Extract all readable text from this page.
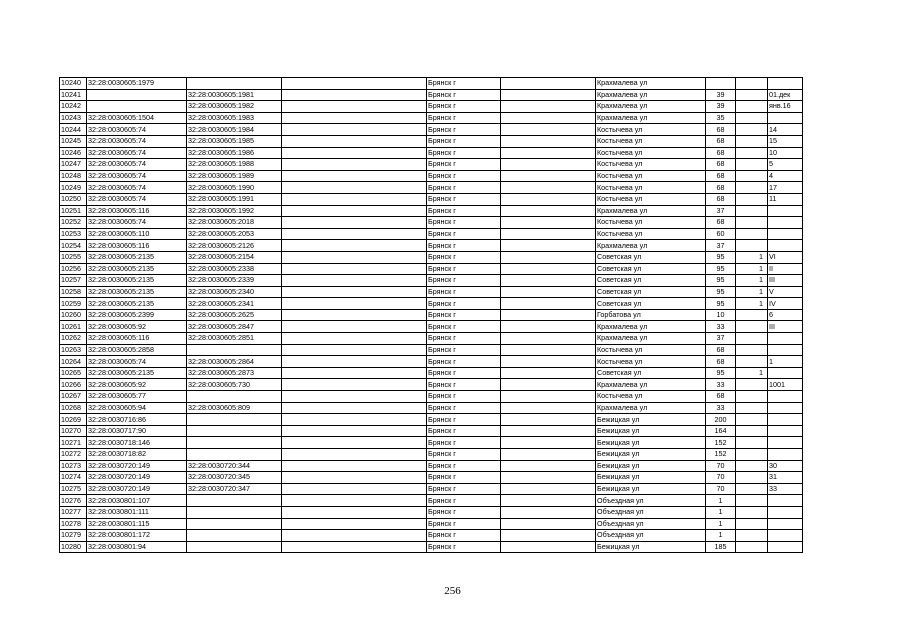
10240	32:28:0030605:1979			Брянск г		Крахмалева ул			
10241		32:28:0030605:1981		Брянск г		Крахмалева ул	39		01.дек
10242		32:28:0030605:1982		Брянск г		Крахмалева ул	39		янв.16
10243	32:28:0030605:1504	32:28:0030605:1983		Брянск г		Крахмалева ул	35		
10244	32:28:0030605:74	32:28:0030605:1984		Брянск г		Костычева ул	68		14
10245	32:28:0030605:74	32:28:0030605:1985		Брянск г		Костычева ул	68		15
10246	32:28:0030605:74	32:28:0030605:1986		Брянск г		Костычева ул	68		10
10247	32:28:0030605:74	32:28:0030605:1988		Брянск г		Костычева ул	68		5
10248	32:28:0030605:74	32:28:0030605:1989		Брянск г		Костычева ул	68		4
10249	32:28:0030605:74	32:28:0030605:1990		Брянск г		Костычева ул	68		17
10250	32:28:0030605:74	32:28:0030605:1991		Брянск г		Костычева ул	68		11
10251	32:28:0030605:116	32:28:0030605:1992		Брянск г		Крахмалева ул	37		
10252	32:28:0030605:74	32:28:0030605:2018		Брянск г		Костычева ул	68		
10253	32:28:0030605:110	32:28:0030605:2053		Брянск г		Костычева ул	60		
10254	32:28:0030605:116	32:28:0030605:2126		Брянск г		Крахмалева ул	37		
10255	32:28:0030605:2135	32:28:0030605:2154		Брянск г		Советская ул	95	1	VI
10256	32:28:0030605:2135	32:28:0030605:2338		Брянск г		Советская ул	95	1	II
10257	32:28:0030605:2135	32:28:0030605:2339		Брянск г		Советская ул	95	1	III
10258	32:28:0030605:2135	32:28:0030605:2340		Брянск г		Советская ул	95	1	V
10259	32:28:0030605:2135	32:28:0030605:2341		Брянск г		Советская ул	95	1	IV
10260	32:28:0030605:2399	32:28:0030605:2625		Брянск г		Горбатова ул	10		6
10261	32:28:0030605:92	32:28:0030605:2847		Брянск г		Крахмалева ул	33		III
10262	32:28:0030605:116	32:28:0030605:2851		Брянск г		Крахмалева ул	37		
10263	32:28:0030605:2858			Брянск г		Костычева ул	68		
10264	32:28:0030605:74	32:28:0030605:2864		Брянск г		Костычева ул	68		1
10265	32:28:0030605:2135	32:28:0030605:2873		Брянск г		Советская ул	95	1	
10266	32:28:0030605:92	32:28:0030605:730		Брянск г		Крахмалева ул	33		1001
10267	32:28:0030605:77			Брянск г		Костычева ул	68		
10268	32:28:0030605:94	32:28:0030605:809		Брянск г		Крахмалева ул	33		
10269	32:28:0030716:86			Брянск г		Бежицкая ул	200		
10270	32:28:0030717:90			Брянск г		Бежицкая ул	164		
10271	32:28:0030718:146			Брянск г		Бежицкая ул	152		
10272	32:28:0030718:82			Брянск г		Бежицкая ул	152		
10273	32:28:0030720:149	32:28:0030720:344		Брянск г		Бежицкая ул	70		30
10274	32:28:0030720:149	32:28:0030720:345		Брянск г		Бежицкая ул	70		31
10275	32:28:0030720:149	32:28:0030720:347		Брянск г		Бежицкая ул	70		33
10276	32:28:0030801:107			Брянск г		Объездная ул	1		
10277	32:28:0030801:111			Брянск г		Объездная ул	1		
10278	32:28:0030801:115			Брянск г		Объездная ул	1		
10279	32:28:0030801:172			Брянск г		Объездная ул	1		
10280	32:28:0030801:94			Брянск г		Бежицкая ул	185		
256
